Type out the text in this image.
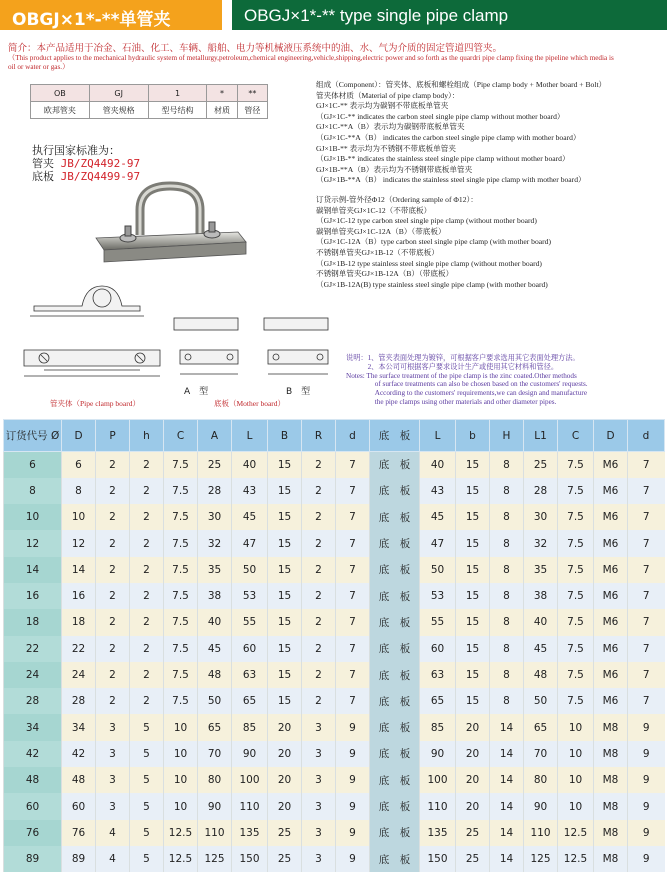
OBGJ×1*-**单管夹	OBGJ×1*-** type single pipe clamp
简介：本产品适用于冶金、石油、化工、车辆、船舶、电力等机械液压系统中的油、水、气为介质的固定管道四管夹。
（This product applies to the mechanical hydraulic system of metallurgy,petroleum,chemical engineering,vehicle,shipping,electric power and so forth as the quardri pipe clamp fixing the pipeline which media is oil or water or gas.）
OB	GJ	1	*	**
欧邦管夹	管夹规格	型号结构	材质	管径
执行国家标准为：
管夹 JB/ZQ4492-97
底板 JB/ZQ4499-97
管夹体（Pipe clamp board）	底板（Mother board）
A　型	B　型
组成（Component）：管夹体、底板和螺栓组成（Pipe clamp body + Mother board + Bolt）
管夹体材质（Material of pipe clamp body）：
GJ×1C-** 表示均为碳钢不带底板单管夹
（GJ×1C-** indicates the carbon steel single pipe clamp without mother board）
GJ×1C-**A（B）表示均为碳钢带底板单管夹
（GJ×1C-**A（B） indicates the carbon steel single pipe clamp with mother board）
GJ×1B-** 表示均为不锈钢不带底板单管夹
（GJ×1B-** indicates the stainless steel single pipe clamp without mother board）
GJ×1B-**A（B）表示均为不锈钢带底板单管夹
（GJ×1B-**A（B） indicates the stainless steel single pipe clamp with mother board）
订货示例-管外径Φ12（Ordering sample of Φ12）：
碳钢单管夹GJ×1C-12（不带底板）
（GJ×1C-12 type carbon steel single pipe clamp (without mother board)
碳钢单管夹GJ×1C-12A（B）（带底板）
（GJ×1C-12A（B）type carbon steel single pipe clamp (with mother board)
不锈钢单管夹GJ×1B-12（不带底板）
（GJ×1B-12 type stainless steel single pipe clamp (without mother board)
不锈钢单管夹GJ×1B-12A（B）（带底板）
（GJ×1B-12A(B) type stainless steel single pipe clamp (with mother board)
说明：1、管夹表面处理为镀锌，可根据客户要求选用其它表面处理方法。
　　　2、本公司可根据客户要求设计生产或使用其它材料和管径。
Notes: The surface treatment of the pipe clamp is the zinc coated.Other methods
　　　　of surface treatments can also be chosen based on the customers' requests.
　　　　According to the customers' requirements,we can design and manufacture
　　　　the pipe clamps using other materials and other diameter pipes.
订货代号 Ø	D	P	h	C	A	L	B	R	d	底　板	L	b	H	L1	C	D	d
6	6	2	2	7.5	25	40	15	2	7	底　板	40	15	8	25	7.5	M6	7
8	8	2	2	7.5	28	43	15	2	7	底　板	43	15	8	28	7.5	M6	7
10	10	2	2	7.5	30	45	15	2	7	底　板	45	15	8	30	7.5	M6	7
12	12	2	2	7.5	32	47	15	2	7	底　板	47	15	8	32	7.5	M6	7
14	14	2	2	7.5	35	50	15	2	7	底　板	50	15	8	35	7.5	M6	7
16	16	2	2	7.5	38	53	15	2	7	底　板	53	15	8	38	7.5	M6	7
18	18	2	2	7.5	40	55	15	2	7	底　板	55	15	8	40	7.5	M6	7
22	22	2	2	7.5	45	60	15	2	7	底　板	60	15	8	45	7.5	M6	7
24	24	2	2	7.5	48	63	15	2	7	底　板	63	15	8	48	7.5	M6	7
28	28	2	2	7.5	50	65	15	2	7	底　板	65	15	8	50	7.5	M6	7
34	34	3	5	10	65	85	20	3	9	底　板	85	20	14	65	10	M8	9
42	42	3	5	10	70	90	20	3	9	底　板	90	20	14	70	10	M8	9
48	48	3	5	10	80	100	20	3	9	底　板	100	20	14	80	10	M8	9
60	60	3	5	10	90	110	20	3	9	底　板	110	20	14	90	10	M8	9
76	76	4	5	12.5	110	135	25	3	9	底　板	135	25	14	110	12.5	M8	9
89	89	4	5	12.5	125	150	25	3	9	底　板	150	25	14	125	12.5	M8	9
